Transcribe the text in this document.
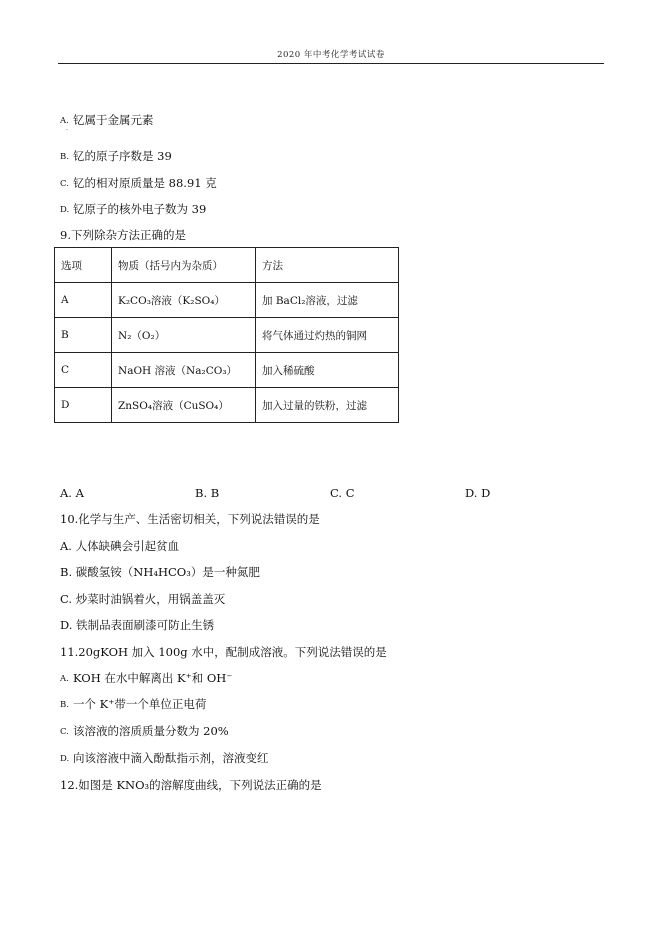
2020 年中考化学考试试卷
A. 钇属于金属元素
·
B. 钇的原子序数是 39
C. 钇的相对原质量是 88.91 克
D. 钇原子的核外电子数为 39
9.下列除杂方法正确的是
选项	物质（括号内为杂质）	方法
A	K₂CO₃溶液（K₂SO₄）	加 BaCl₂溶液，过滤
B	N₂（O₂）	将气体通过灼热的铜网
C	NaOH 溶液（Na₂CO₃）	加入稀硫酸
D	ZnSO₄溶液（CuSO₄）	加入过量的铁粉，过滤
A. A	B. B	C. C	D. D
10.化学与生产、生活密切相关，下列说法错误的是
A. 人体缺碘会引起贫血
B. 碳酸氢铵（NH₄HCO₃）是一种氮肥
C. 炒菜时油锅着火，用锅盖盖灭
D. 铁制品表面刷漆可防止生锈
11.20gKOH 加入 100g 水中，配制成溶液。下列说法错误的是
A. KOH 在水中解离出 K⁺和 OH⁻
B. 一个 K⁺带一个单位正电荷
C. 该溶液的溶质质量分数为 20%
D. 向该溶液中滴入酚酞指示剂，溶液变红
12.如图是 KNO₃的溶解度曲线，下列说法正确的是
